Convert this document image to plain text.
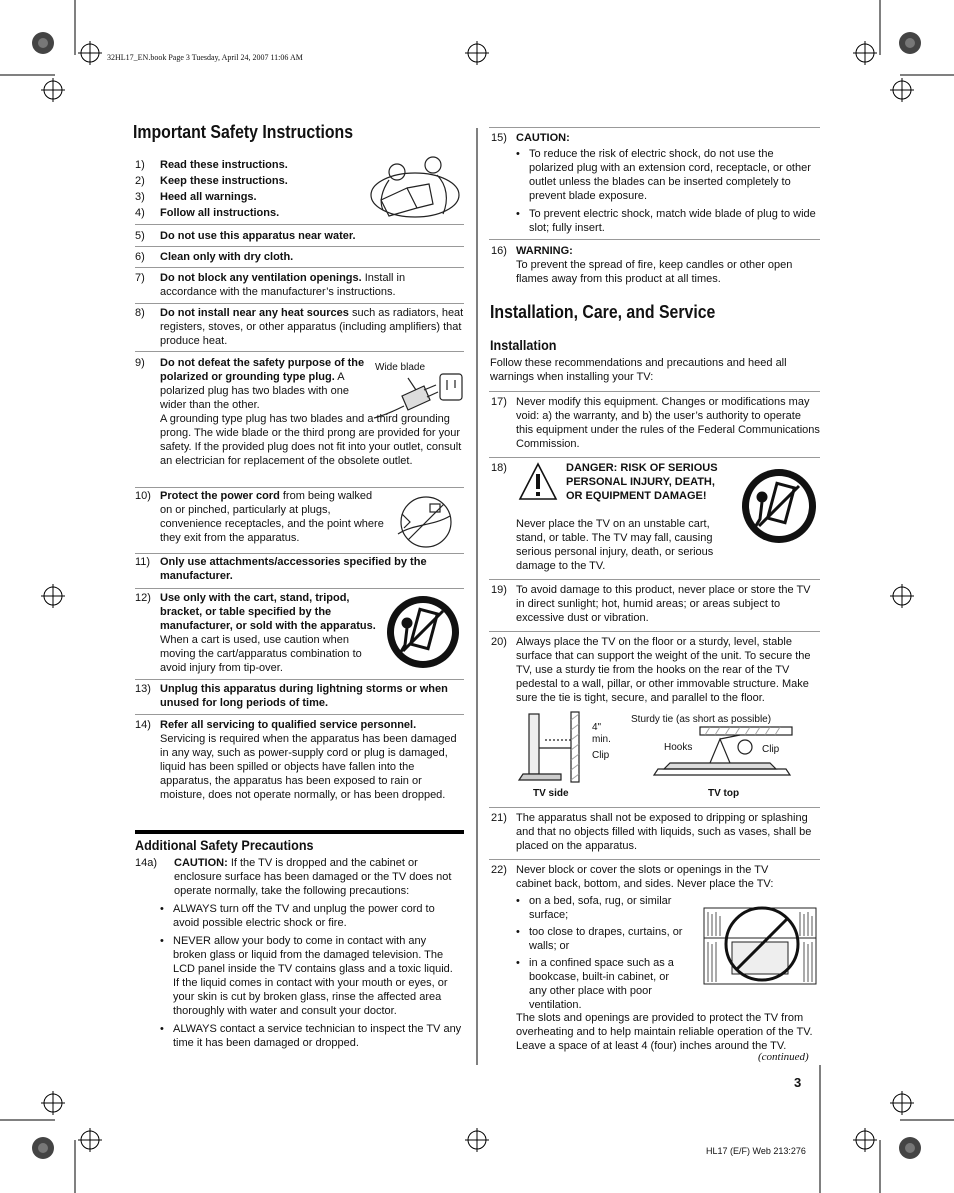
32HL17_EN.book Page 3 Tuesday, April 24, 2007 11:06 AM
Important Safety Instructions
1) Read these instructions.
2) Keep these instructions.
3) Heed all warnings.
4) Follow all instructions.
5) Do not use this apparatus near water.
6) Clean only with dry cloth.
7) Do not block any ventilation openings. Install in accordance with the manufacturer’s instructions.
8) Do not install near any heat sources such as radiators, heat registers, stoves, or other apparatus (including amplifiers) that produce heat.
9) Do not defeat the safety purpose of the polarized or grounding type plug. A polarized plug has two blades with one wider than the other.
A grounding type plug has two blades and a third grounding prong. The wide blade or the third prong are provided for your safety. If the provided plug does not fit into your outlet, consult an electrician for replacement of the obsolete outlet.
Wide blade
10) Protect the power cord from being walked on or pinched, particularly at plugs, convenience receptacles, and the point where they exit from the apparatus.
11) Only use attachments/accessories specified by the manufacturer.
12) Use only with the cart, stand, tripod, bracket, or table specified by the manufacturer, or sold with the apparatus. When a cart is used, use caution when moving the cart/apparatus combination to avoid injury from tip-over.
13) Unplug this apparatus during lightning storms or when unused for long periods of time.
14) Refer all servicing to qualified service personnel. Servicing is required when the apparatus has been damaged in any way, such as power-supply cord or plug is damaged, liquid has been spilled or objects have fallen into the apparatus, the apparatus has been exposed to rain or moisture, does not operate normally, or has been dropped.
Additional Safety Precautions
14a) CAUTION: If the TV is dropped and the cabinet or enclosure surface has been damaged or the TV does not operate normally, take the following precautions:
• ALWAYS turn off the TV and unplug the power cord to avoid possible electric shock or fire.
• NEVER allow your body to come in contact with any broken glass or liquid from the damaged television. The LCD panel inside the TV contains glass and a toxic liquid. If the liquid comes in contact with your mouth or eyes, or your skin is cut by broken glass, rinse the affected area thoroughly with water and consult your doctor.
• ALWAYS contact a service technician to inspect the TV any time it has been damaged or dropped.
15) CAUTION:
• To reduce the risk of electric shock, do not use the polarized plug with an extension cord, receptacle, or other outlet unless the blades can be inserted completely to prevent blade exposure.
• To prevent electric shock, match wide blade of plug to wide slot; fully insert.
16) WARNING:
To prevent the spread of fire, keep candles or other open flames away from this product at all times.
Installation, Care, and Service
Installation
Follow these recommendations and precautions and heed all warnings when installing your TV:
17) Never modify this equipment. Changes or modifications may void: a) the warranty, and b) the user’s authority to operate this equipment under the rules of the Federal Communications Commission.
18)	DANGER: RISK OF SERIOUS PERSONAL INJURY, DEATH, OR EQUIPMENT DAMAGE!
Never place the TV on an unstable cart, stand, or table. The TV may fall, causing serious personal injury, death, or serious damage to the TV.
19) To avoid damage to this product, never place or store the TV in direct sunlight; hot, humid areas; or areas subject to excessive dust or vibration.
20) Always place the TV on the floor or a sturdy, level, stable surface that can support the weight of the unit. To secure the TV, use a sturdy tie from the hooks on the rear of the TV pedestal to a wall, pillar, or other immovable structure. Make sure the tie is tight, secure, and parallel to the floor.
4" min.
Clip
TV side
Sturdy tie (as short as possible)
Hooks	Clip
TV top
21) The apparatus shall not be exposed to dripping or splashing and that no objects filled with liquids, such as vases, shall be placed on the apparatus.
22) Never block or cover the slots or openings in the TV cabinet back, bottom, and sides. Never place the TV:
• on a bed, sofa, rug, or similar surface;
• too close to drapes, curtains, or walls; or
• in a confined space such as a bookcase, built-in cabinet, or any other place with poor ventilation.
The slots and openings are provided to protect the TV from overheating and to help maintain reliable operation of the TV. Leave a space of at least 4 (four) inches around the TV.
(continued)
3
HL17 (E/F) Web 213:276
